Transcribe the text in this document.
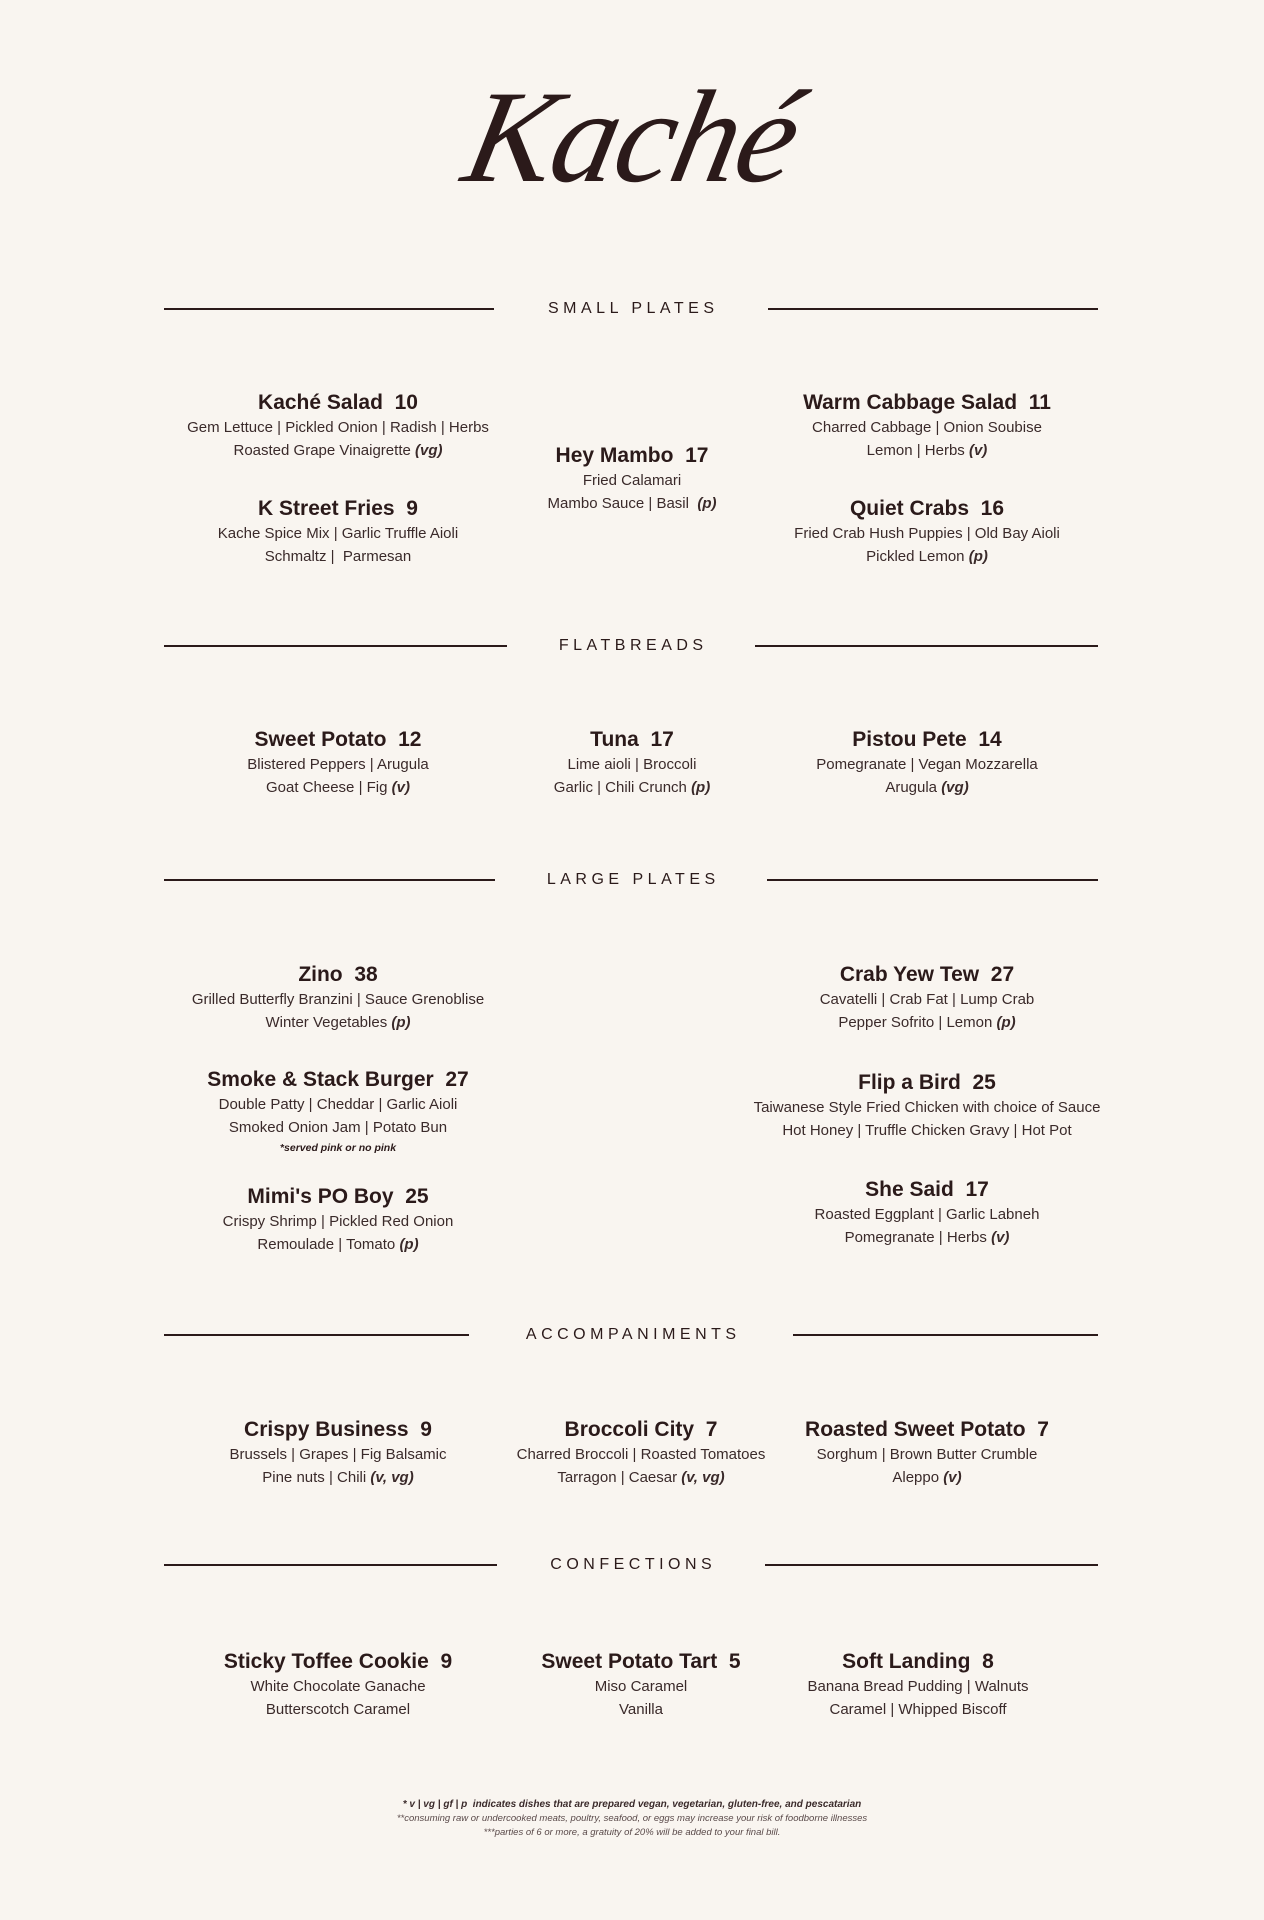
Kaché
SMALL PLATES
Kaché Salad 10
Gem Lettuce | Pickled Onion | Radish | Herbs
Roasted Grape Vinaigrette (vg)	Hey Mambo 17
Fried Calamari
Mambo Sauce | Basil (p)
Warm Cabbage Salad 11
Charred Cabbage | Onion Soubise
Lemon | Herbs (v)
K Street Fries 9
Kache Spice Mix | Garlic Truffle Aioli
Schmaltz |  Parmesan
Quiet Crabs 16
Fried Crab Hush Puppies | Old Bay Aioli
Pickled Lemon (p)
FLATBREADS
Sweet Potato 12
Blistered Peppers | Arugula
Goat Cheese | Fig (v)
Tuna 17
Lime aioli | Broccoli
Garlic | Chili Crunch (p)
Pistou Pete 14
Pomegranate | Vegan Mozzarella
Arugula (vg)
LARGE PLATES
Zino 38
Grilled Butterfly Branzini | Sauce Grenoblise
Winter Vegetables (p)
Crab Yew Tew 27
Cavatelli | Crab Fat | Lump Crab
Pepper Sofrito | Lemon (p)
Smoke & Stack Burger 27
Double Patty | Cheddar | Garlic Aioli
Smoked Onion Jam | Potato Bun
*served pink or no pink
Flip a Bird 25
Taiwanese Style Fried Chicken with choice of Sauce
Hot Honey | Truffle Chicken Gravy | Hot Pot
Mimi's PO Boy 25
Crispy Shrimp | Pickled Red Onion
Remoulade | Tomato (p)
She Said 17
Roasted Eggplant | Garlic Labneh
Pomegranate | Herbs (v)
ACCOMPANIMENTS
Crispy Business 9
Brussels | Grapes | Fig Balsamic
Pine nuts | Chili (v, vg)
Broccoli City 7
Charred Broccoli | Roasted Tomatoes
Tarragon | Caesar (v, vg)
Roasted Sweet Potato 7
Sorghum | Brown Butter Crumble
Aleppo (v)
CONFECTIONS
Sticky Toffee Cookie 9
White Chocolate Ganache
Butterscotch Caramel
Sweet Potato Tart 5
Miso Caramel
Vanilla
Soft Landing 8
Banana Bread Pudding | Walnuts
Caramel | Whipped Biscoff
* v | vg | gf | p  indicates dishes that are prepared vegan, vegetarian, gluten-free, and pescatarian
**consuming raw or undercooked meats, poultry, seafood, or eggs may increase your risk of foodborne illnesses
***parties of 6 or more, a gratuity of 20% will be added to your final bill.
